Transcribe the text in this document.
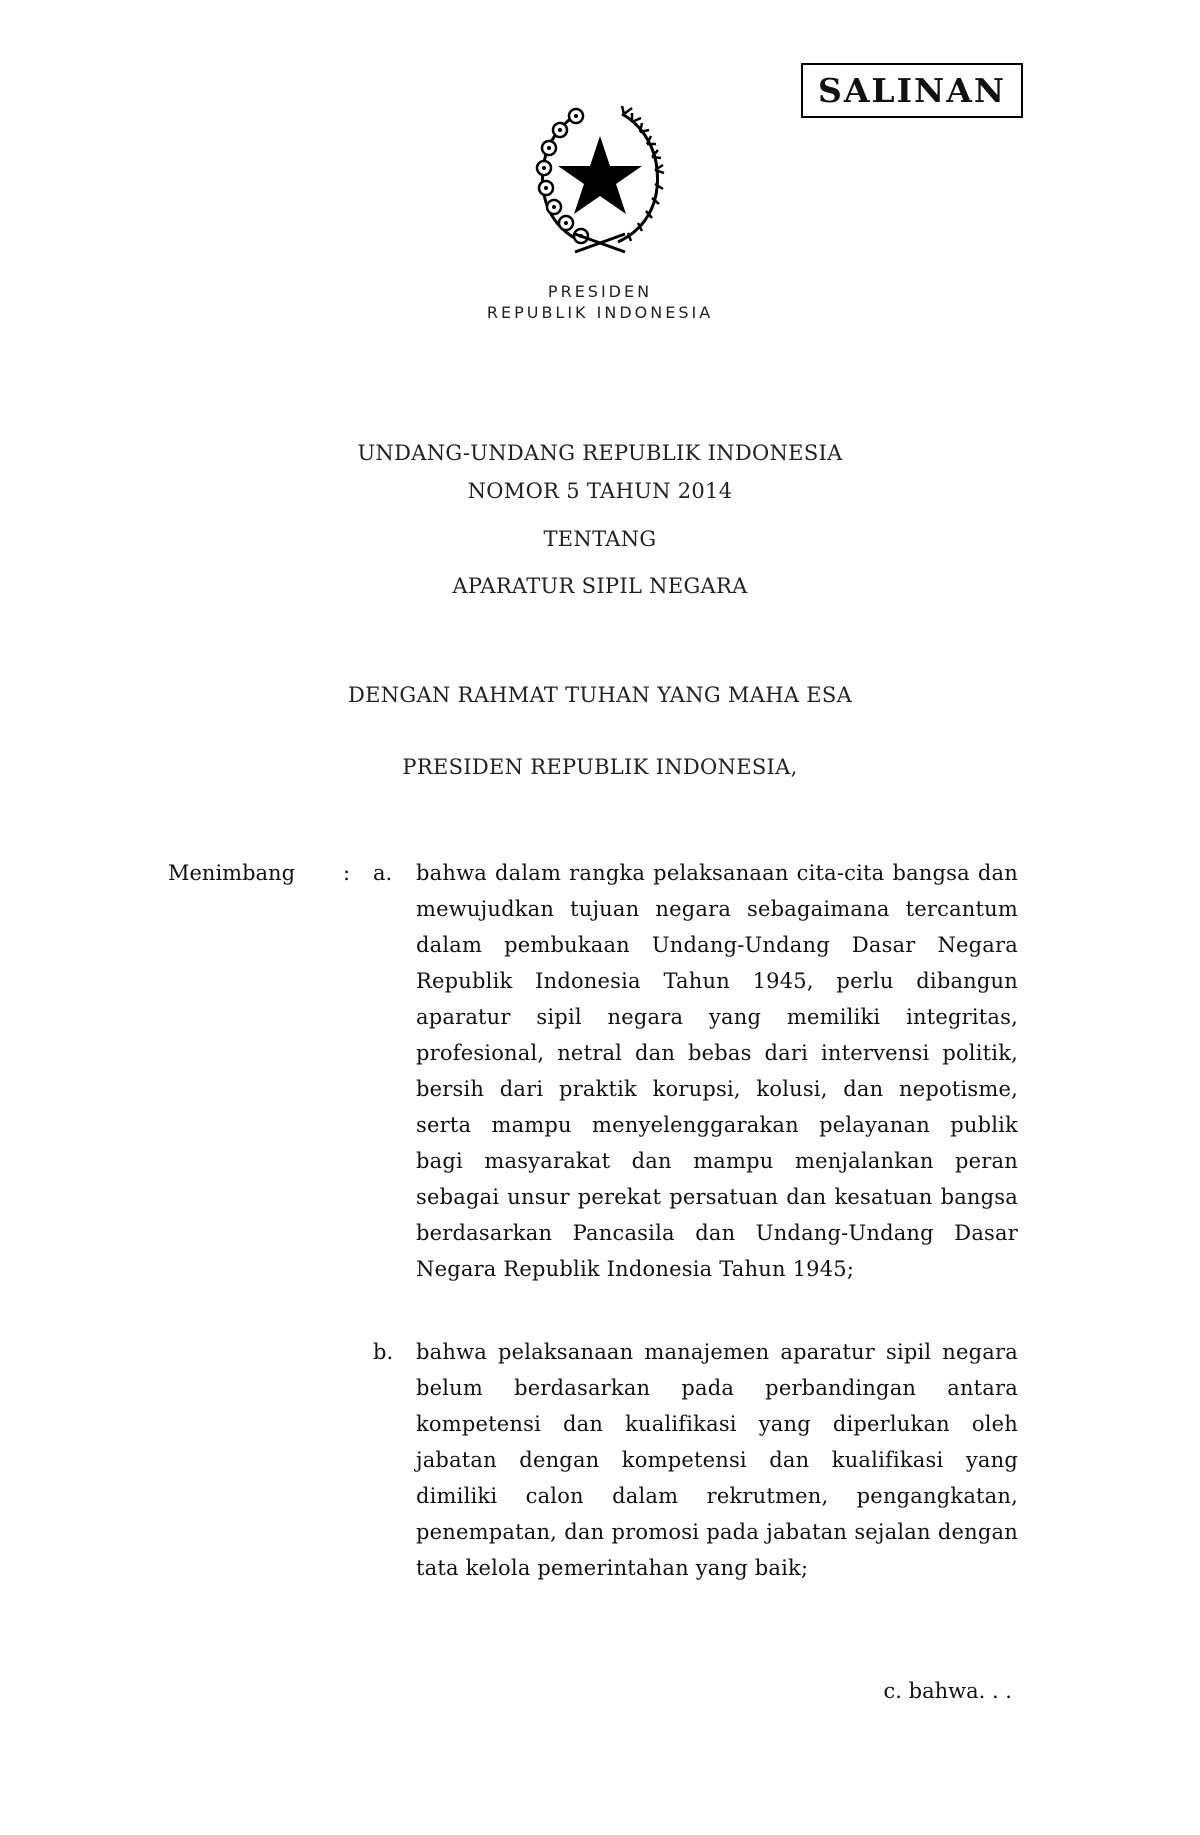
SALINAN
PRESIDEN
REPUBLIK INDONESIA
UNDANG-UNDANG REPUBLIK INDONESIA
NOMOR 5 TAHUN 2014
TENTANG
APARATUR SIPIL NEGARA
DENGAN RAHMAT TUHAN YANG MAHA ESA
PRESIDEN REPUBLIK INDONESIA,
Menimbang : a. bahwa dalam rangka pelaksanaan cita-cita bangsa dan mewujudkan tujuan negara sebagaimana tercantum dalam pembukaan Undang-Undang Dasar Negara Republik Indonesia Tahun 1945, perlu dibangun aparatur sipil negara yang memiliki integritas, profesional, netral dan bebas dari intervensi politik, bersih dari praktik korupsi, kolusi, dan nepotisme, serta mampu menyelenggarakan pelayanan publik bagi masyarakat dan mampu menjalankan peran sebagai unsur perekat persatuan dan kesatuan bangsa berdasarkan Pancasila dan Undang-Undang Dasar Negara Republik Indonesia Tahun 1945;

b. bahwa pelaksanaan manajemen aparatur sipil negara belum berdasarkan pada perbandingan antara kompetensi dan kualifikasi yang diperlukan oleh jabatan dengan kompetensi dan kualifikasi yang dimiliki calon dalam rekrutmen, pengangkatan, penempatan, dan promosi pada jabatan sejalan dengan tata kelola pemerintahan yang baik;

c. bahwa. . .
